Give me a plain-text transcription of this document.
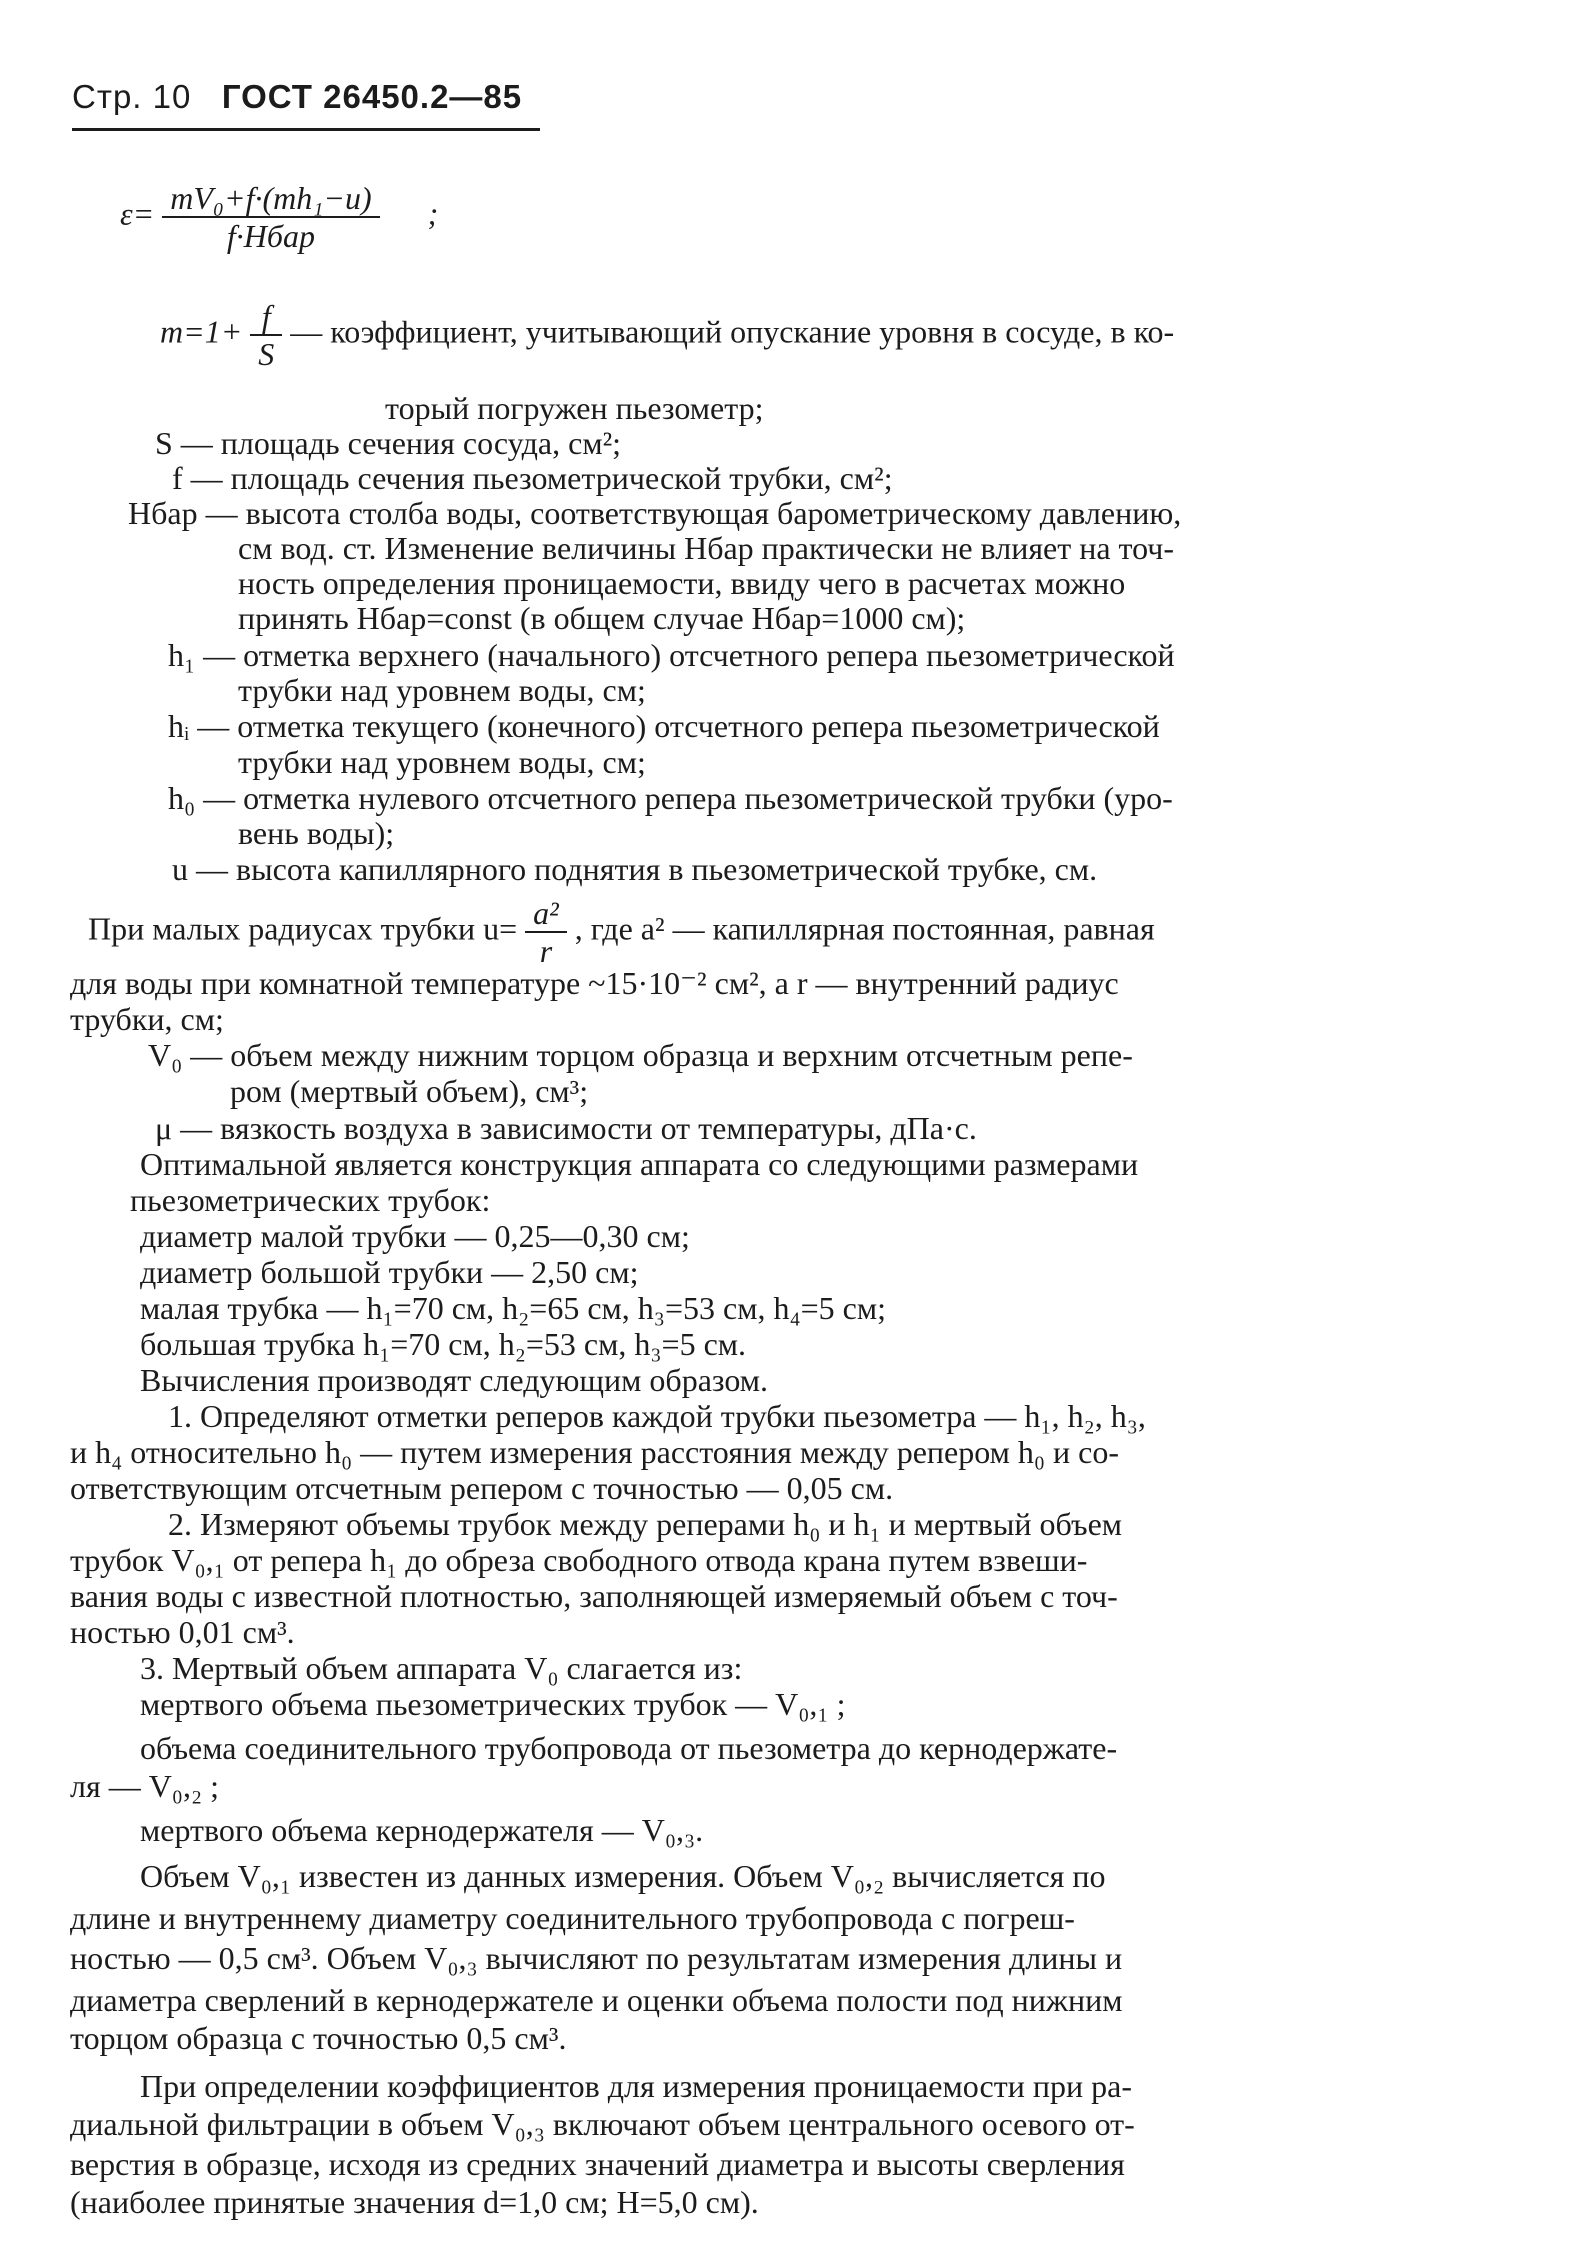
Стр. 10 ГОСТ 26450.2—85
$\varepsilon= \frac{\text{mV₀+f·(mh₁−u)}}{\text{f·Hбар}}$ ;
$m=1+ \frac{f}{S}$ — коэффициент, учитывающий опускание уровня в сосуде, в ко-
торый погружен пьезометр;
S — площадь сечения сосуда, см²;
f — площадь сечения пьезометрической трубки, см²;
Hбар — высота столба воды, соответствующая барометрическому давлению,
см вод. ст. Изменение величины Hбар практически не влияет на точ-
ность определения проницаемости, ввиду чего в расчетах можно
принять Hбар=const (в общем случае Hбар=1000 см);
h₁ — отметка верхнего (начального) отсчетного репера пьезометрической
трубки над уровнем воды, см;
hᵢ — отметка текущего (конечного) отсчетного репера пьезометрической
трубки над уровнем воды, см;
h₀ — отметка нулевого отсчетного репера пьезометрической трубки (уро-
вень воды);
u — высота капиллярного поднятия в пьезометрической трубке, см.
При малых радиусах трубки $u= \frac{\text{a²}}{r}$ , где a² — капиллярная постоянная, равная
для воды при комнатной температуре ~15·10⁻² см², а r — внутренний радиус
трубки, см;
V₀ — объем между нижним торцом образца и верхним отсчетным репе-
ром (мертвый объем), см³;
μ — вязкость воздуха в зависимости от температуры, дПа·с.
Оптимальной является конструкция аппарата со следующими размерами
пьезометрических трубок:
диаметр малой трубки — 0,25—0,30 см;
диаметр большой трубки — 2,50 см;
малая трубка — h₁=70 см, h₂=65 см, h₃=53 см, h₄=5 см;
большая трубка h₁=70 см, h₂=53 см, h₃=5 см.
Вычисления производят следующим образом.
1. Определяют отметки реперов каждой трубки пьезометра — h₁, h₂, h₃,
и h₄ относительно h₀ — путем измерения расстояния между репером h₀ и со-
ответствующим отсчетным репером с точностью — 0,05 см.
2. Измеряют объемы трубок между реперами h₀ и h₁ и мертвый объем
трубок V₀,₁ от репера h₁ до обреза свободного отвода крана путем взвеши-
вания воды с известной плотностью, заполняющей измеряемый объем с точ-
ностью 0,01 см³.
3. Мертвый объем аппарата V₀ слагается из:
мертвого объема пьезометрических трубок — V₀,₁ ;
объема соединительного трубопровода от пьезометра до кернодержате-
ля — V₀,₂ ;
мертвого объема кернодержателя — V₀,₃.
Объем V₀,₁ известен из данных измерения. Объем V₀,₂ вычисляется по
длине и внутреннему диаметру соединительного трубопровода с погреш-
ностью — 0,5 см³. Объем V₀,₃ вычисляют по результатам измерения длины и
диаметра сверлений в кернодержателе и оценки объема полости под нижним
торцом образца с точностью 0,5 см³.
При определении коэффициентов для измерения проницаемости при ра-
диальной фильтрации в объем V₀,₃ включают объем центрального осевого от-
верстия в образце, исходя из средних значений диаметра и высоты сверления
(наиболее принятые значения d=1,0 см; H=5,0 см).
